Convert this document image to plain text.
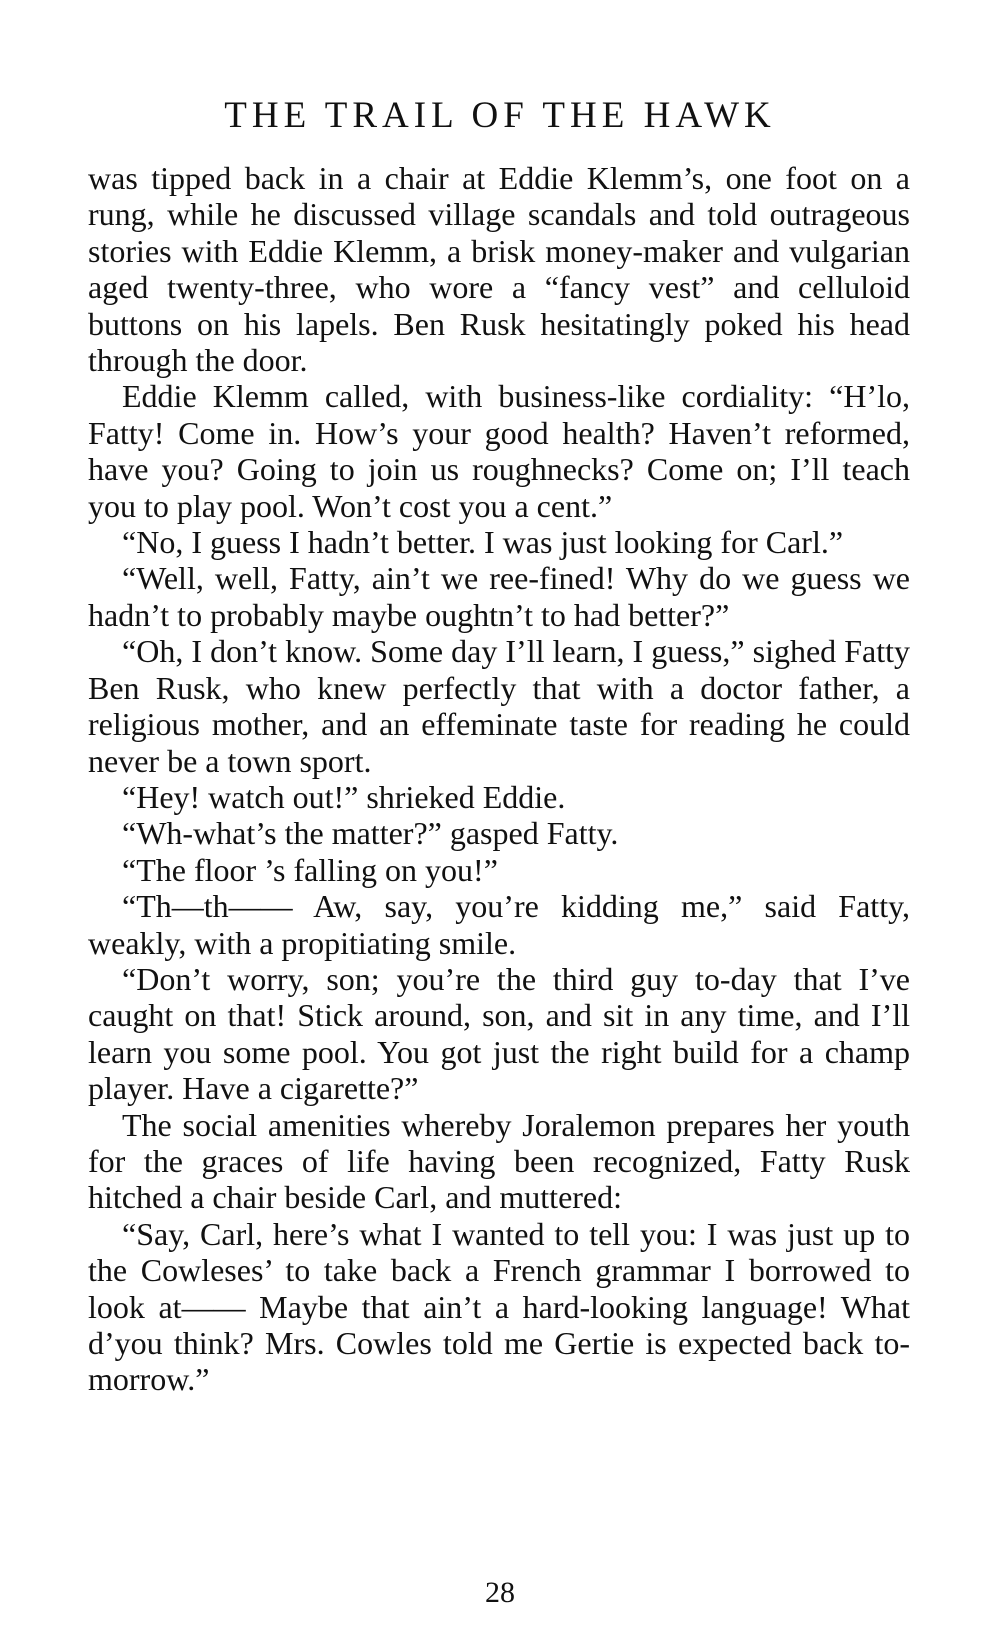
THE TRAIL OF THE HAWK

was tipped back in a chair at Eddie Klemm’s, one foot on a rung, while he discussed village scandals and told outrageous stories with Eddie Klemm, a brisk money-maker and vulgarian aged twenty-three, who wore a “fancy vest” and celluloid buttons on his lapels. Ben Rusk hesitatingly poked his head through the door.

Eddie Klemm called, with business-like cordiality: “H’lo, Fatty! Come in. How’s your good health? Haven’t reformed, have you? Going to join us roughnecks? Come on; I’ll teach you to play pool. Won’t cost you a cent.”

“No, I guess I hadn’t better. I was just looking for Carl.”

“Well, well, Fatty, ain’t we ree-fined! Why do we guess we hadn’t to probably maybe oughtn’t to had better?”

“Oh, I don’t know. Some day I’ll learn, I guess,” sighed Fatty Ben Rusk, who knew perfectly that with a doctor father, a religious mother, and an effeminate taste for reading he could never be a town sport.

“Hey! watch out!” shrieked Eddie.

“Wh-what’s the matter?” gasped Fatty.

“The floor ’s falling on you!”

“Th—th—— Aw, say, you’re kidding me,” said Fatty, weakly, with a propitiating smile.

“Don’t worry, son; you’re the third guy to-day that I’ve caught on that! Stick around, son, and sit in any time, and I’ll learn you some pool. You got just the right build for a champ player. Have a cigarette?”

The social amenities whereby Joralemon prepares her youth for the graces of life having been recognized, Fatty Rusk hitched a chair beside Carl, and muttered:

“Say, Carl, here’s what I wanted to tell you: I was just up to the Cowleses’ to take back a French grammar I borrowed to look at—— Maybe that ain’t a hard-looking language! What d’you think? Mrs. Cowles told me Gertie is expected back to-morrow.”

28
